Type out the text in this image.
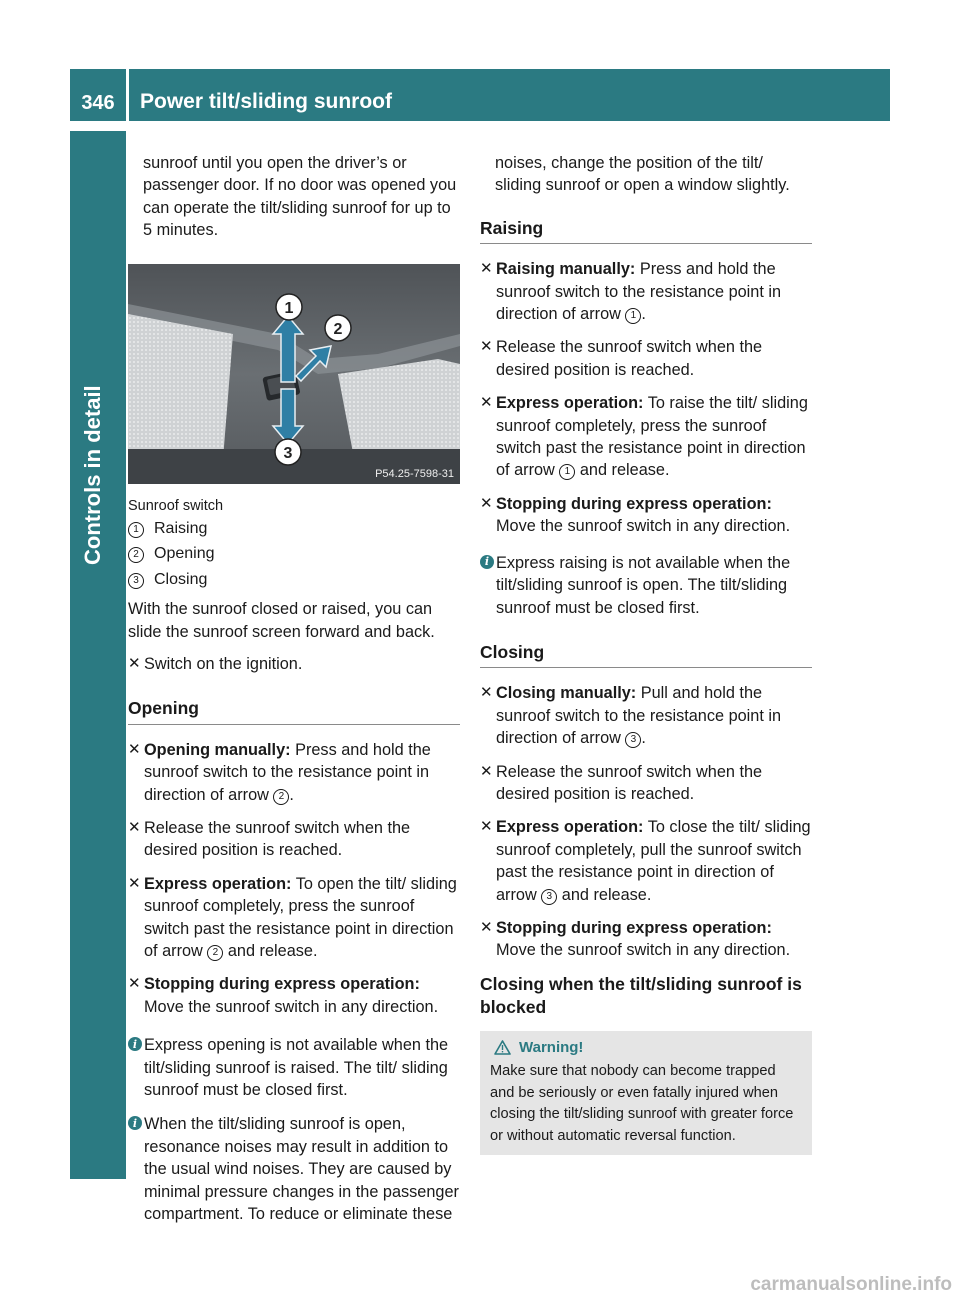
346	Power tilt/sliding sunroof
Controls in detail

sunroof until you open the driver’s or passenger door. If no door was opened you can operate the tilt/sliding sunroof for up to 5 minutes.

1
2
3
P54.25-7598-31

Sunroof switch

1 Raising
2 Opening
3 Closing

With the sunroof closed or raised, you can slide the sunroof screen forward and back.

✕ Switch on the ignition.
Opening
✕ Opening manually: Press and hold the sunroof switch to the resistance point in direction of arrow 2 .
✕ Release the sunroof switch when the desired position is reached.
✕ Express operation: To open the tilt/ sliding sunroof completely, press the sunroof switch past the resistance point in direction of arrow 2 and release.
✕ Stopping during express operation:
Move the sunroof switch in any direction.
i Express opening is not available when the tilt/sliding sunroof is raised. The tilt/ sliding sunroof must be closed first.
i When the tilt/sliding sunroof is open, resonance noises may result in addition to the usual wind noises. They are caused by minimal pressure changes in the passenger compartment. To reduce or eliminate these

noises, change the position of the tilt/ sliding sunroof or open a window slightly.

Raising
✕ Raising manually: Press and hold the sunroof switch to the resistance point in direction of arrow 1 .
✕ Release the sunroof switch when the desired position is reached.
✕ Express operation: To raise the tilt/ sliding sunroof completely, press the sunroof switch past the resistance point in direction of arrow 1 and release.
✕ Stopping during express operation:
Move the sunroof switch in any direction.
i Express raising is not available when the tilt/sliding sunroof is open. The tilt/sliding sunroof must be closed first.
Closing
✕ Closing manually: Pull and hold the sunroof switch to the resistance point in direction of arrow 3 .
✕ Release the sunroof switch when the desired position is reached.
✕ Express operation: To close the tilt/ sliding sunroof completely, pull the sunroof switch past the resistance point in direction of arrow 3 and release.
✕ Stopping during express operation:
Move the sunroof switch in any direction.
Closing when the tilt/sliding sunroof is blocked
Warning!
Make sure that nobody can become trapped and be seriously or even fatally injured when closing the tilt/sliding sunroof with greater force or without automatic reversal function.
carmanualsonline.info
